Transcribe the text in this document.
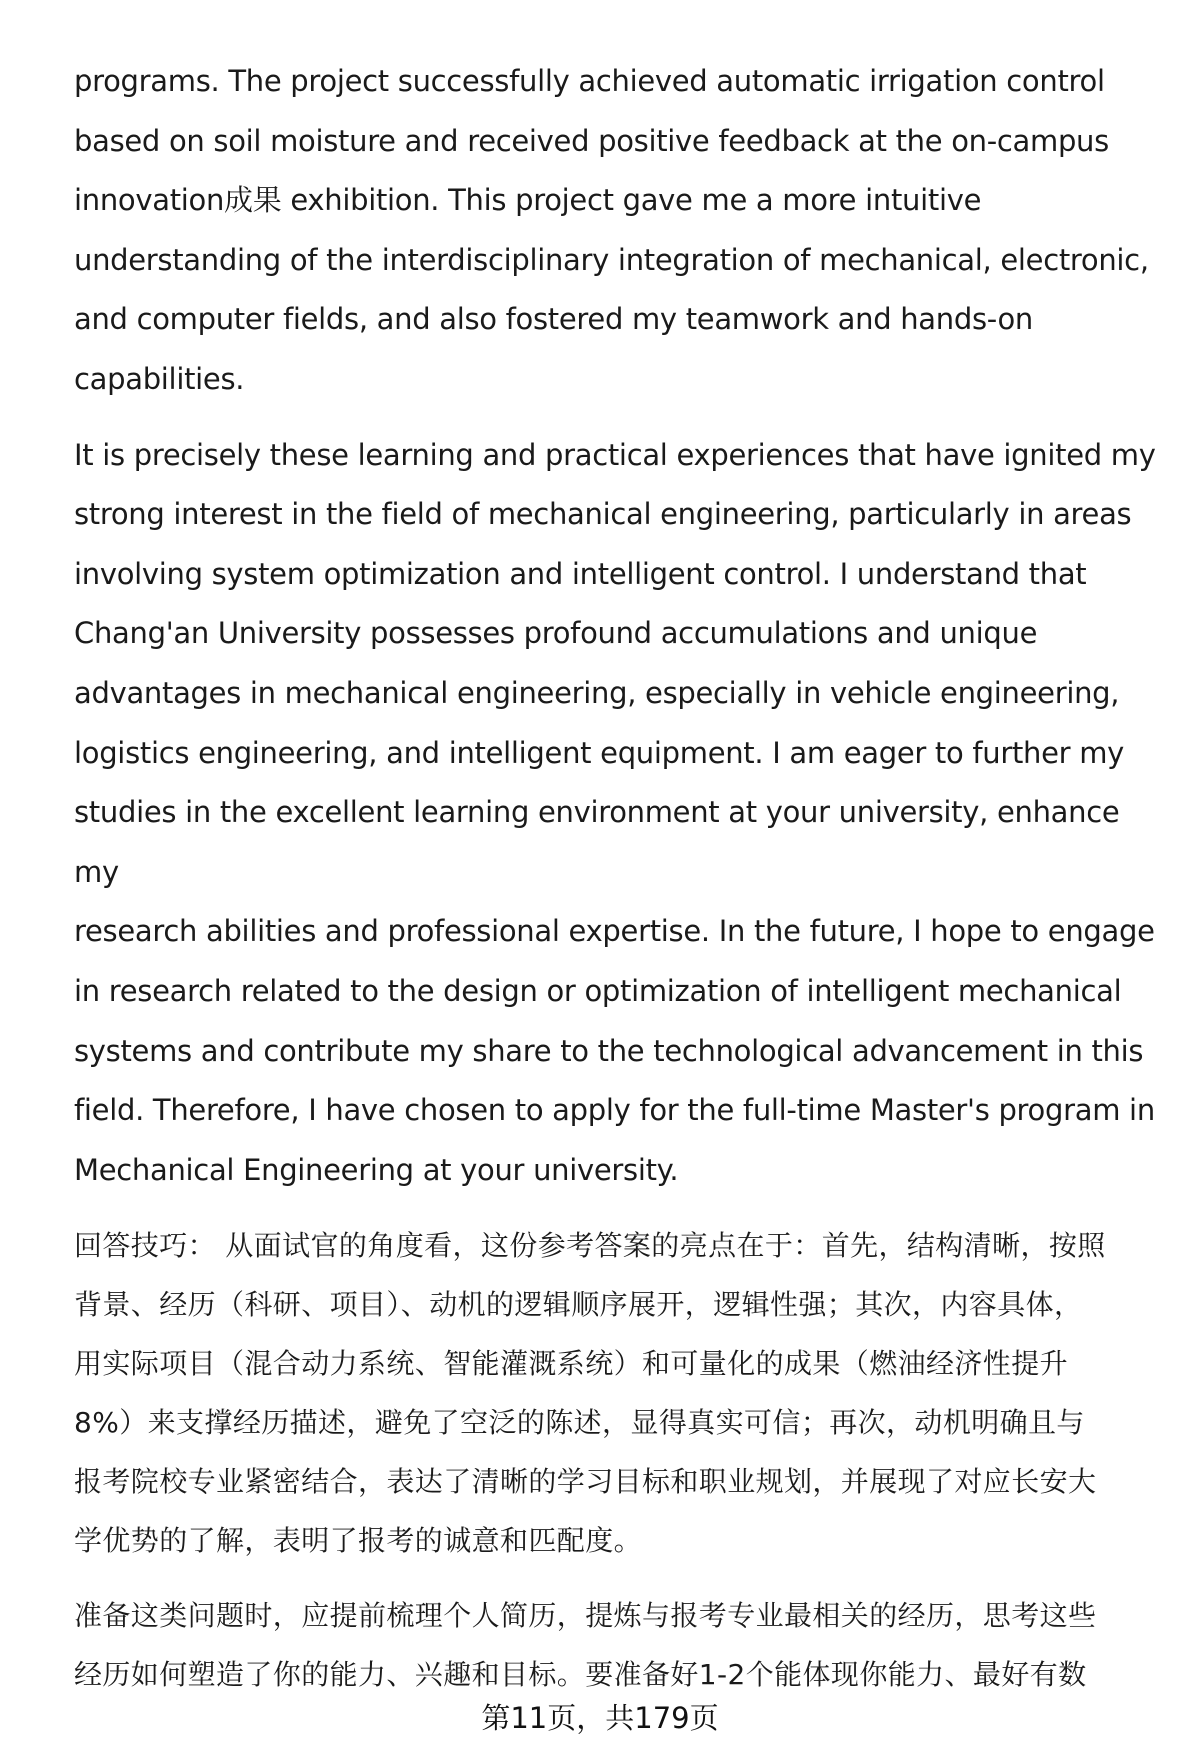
programs. The project successfully achieved automatic irrigation control
based on soil moisture and received positive feedback at the on-campus
innovation成果 exhibition. This project gave me a more intuitive
understanding of the interdisciplinary integration of mechanical, electronic,
and computer fields, and also fostered my teamwork and hands-on
capabilities.

It is precisely these learning and practical experiences that have ignited my
strong interest in the field of mechanical engineering, particularly in areas
involving system optimization and intelligent control. I understand that
Chang'an University possesses profound accumulations and unique
advantages in mechanical engineering, especially in vehicle engineering,
logistics engineering, and intelligent equipment. I am eager to further my
studies in the excellent learning environment at your university, enhance my
research abilities and professional expertise. In the future, I hope to engage
in research related to the design or optimization of intelligent mechanical
systems and contribute my share to the technological advancement in this
field. Therefore, I have chosen to apply for the full-time Master's program in
Mechanical Engineering at your university.

回答技巧： 从面试官的角度看，这份参考答案的亮点在于：首先，结构清晰，按照
背景、经历（科研、项目）、动机的逻辑顺序展开，逻辑性强；其次，内容具体，
用实际项目（混合动力系统、智能灌溉系统）和可量化的成果（燃油经济性提升
8%）来支撑经历描述，避免了空泛的陈述，显得真实可信；再次，动机明确且与
报考院校专业紧密结合，表达了清晰的学习目标和职业规划，并展现了对应长安大
学优势的了解，表明了报考的诚意和匹配度。

准备这类问题时，应提前梳理个人简历，提炼与报考专业最相关的经历，思考这些
经历如何塑造了你的能力、兴趣和目标。要准备好1-2个能体现你能力、最好有数

第11页，共179页
